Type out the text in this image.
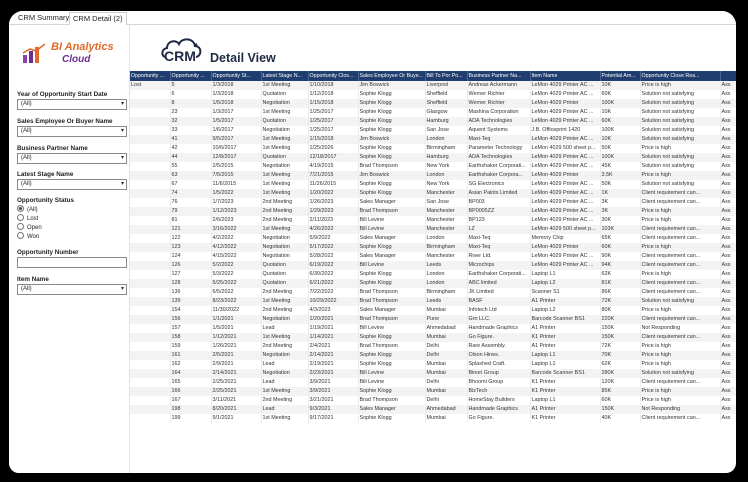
CRM Summary CRM Detail (2)
BI Analytics
Cloud
Year of Opportunity Start Date
(All)	▾
Sales Employee Or Buyer Name
(All)	▾
Business Partner Name
(All)	▾
Latest Stage Name
(All)	▾
Opportunity Status
(All)
Lost
Open
Won
Opportunity Number
Item Name
(All)	▾
CRM Detail View
Opportunity ...	Opportunity ...	Opportunity St...	Latest Stage N...	Opportunity Clos...	Sales Employee Or Buye...	Bill To Por Po...	Business Partner Na...	Item Name	Potential Am...	Opportunity Close Rea...	
Lost	5	1/3/2018	1st Meeting	1/10/2018	Jim Boswick	Liverpool	Andreas Ackermann	LeMon 4029 Printer AC ...	10K	Price is high	Ass
	6	1/3/2018	Quotation	1/12/2018	Sophie Klogg	Sheffield	Werner Richter	LeMon 4029 Printer AC ...	60K	Solution not satisfying	Ass
	8	1/5/2018	Negotiation	1/15/2018	Sophie Klogg	Sheffield	Werner Richter	LeMon 4029 Printer	100K	Solution not satisfying	Ass
	23	1/3/2017	1st Meeting	1/25/2017	Sophie Klogg	Glasgow	Mashina Corporation	LeMon 4029 Printer AC ...	10K	Solution not satisfying	Ass
	32	1/5/2017	Quotation	1/25/2017	Sophie Klogg	Hamburg	ADA Technologies	LeMon 4029 Printer AC ...	60K	Solution not satisfying	Ass
	33	1/6/2017	Negotiation	1/25/2017	Sophie Klogg	San Jose	Aquent Systems	J.B. Officeprint 1420	100K	Solution not satisfying	Ass
	41	9/5/2017	1st Meeting	1/15/2018	Jim Boswick	London	Maxi-Teq	LeMon 4029 Printer AC ...	10K	Solution not satisfying	Ass
	42	10/6/2017	1st Meeting	1/25/2026	Sophie Klogg	Birmingham	Parameter Technology	LeMon 4029 500 sheet p...	50K	Price is high	Ass
	44	12/8/2017	Quotation	12/18/2017	Sophie Klogg	Hamburg	ADA Technologies	LeMon 4029 Printer AC ...	100K	Solution not satisfying	Ass
	55	2/5/2015	Negotiation	4/19/2015	Brad Thompson	New York	Earthshaker Corporati...	LeMon 4029 Printer AC ...	45K	Solution not satisfying	Ass
	63	7/5/2015	1st Meeting	7/21/2015	Jim Boswick	London	Earthshaker Corpora...	LeMon 4029 Printer	3.5K	Price is high	Ass
	67	11/6/2015	1st Meeting	11/26/2015	Sophie Klogg	New York	SG Electronics	LeMon 4029 Printer AC ...	50K	Solution not satisfying	Ass
	74	1/5/2022	1st Meeting	1/20/2022	Sophie Klogg	Manchester	Asian Paints Limited	LeMon 4029 Printer AC ...	1K	Client requirement can...	Ass
	76	1/7/2023	2nd Meeting	1/26/2023	Sales Manager	San Jose	BP003	LeMon 4029 Printer AC ...	3K	Client requirement can...	Ass
	79	1/12/2023	2nd Meeting	1/29/2023	Brad Thompson	Manchester	BP0005ZZ	LeMon 4029 Printer AC ...	3K	Price is high	Ass
	81	2/6/2023	2nd Meeting	2/11/2023	Bill Levine	Manchester	BP123	LeMon 4029 Printer AC ...	30K	Price is high	Ass
	121	3/16/2022	1st Meeting	4/26/2022	Bill Levine	Manchester	LZ	LeMon 4029 500 sheet p...	103K	Client requirement can...	Ass
	122	4/2/2022	Negotiation	5/9/2022	Sales Manager	London	Maxi-Teq	Memory Chip	65K	Client requirement can...	Ass
	123	4/12/2022	Negotiation	5/17/2022	Sophie Klogg	Birmingham	Maxi-Teq	LeMon 4029 Printer	60K	Price is high	Ass
	124	4/15/2022	Negotiation	5/28/2022	Sales Manager	Manchester	River Ltd.	LeMon 4029 Printer AC ...	90K	Client requirement can...	Ass
	126	5/2/2022	Quotation	6/19/2022	Bill Levine	Leeds	Microchips	LeMon 4029 Printer AC ...	94K	Client requirement can...	Ass
	127	5/3/2022	Quotation	6/30/2022	Sophie Klogg	London	Earthshaker Corporati...	Laptop L1	62K	Price is high	Ass
	128	5/25/2022	Quotation	6/21/2022	Sophie Klogg	London	ABC limited	Laptop L2	81K	Client requirement can...	Ass
	136	6/5/2022	2nd Meeting	7/22/2022	Brad Thompson	Birmingham	JK Limited	Scanner S1	86K	Client requirement can...	Ass
	139	8/23/2022	1st Meeting	10/29/2022	Brad Thompson	Leeds	BASF	A1 Printer	72K	Solution not satisfying	Ass
	154	11/30/2022	2nd Meeting	4/3/2023	Sales Manager	Mumbai	Infotech Ltd	Laptop L2	80K	Price is high	Ass
	156	1/1/2021	Negotiation	1/20/2021	Brad Thompson	Pune	Grn LLC.	Barcode Scanner BS1	220K	Client requirement can...	Ass
	157	1/5/2021	Lead	1/19/2021	Bill Levine	Ahmedabad	Handmade Graphics	A1 Printer	150K	Not Responding	Ass
	158	1/12/2021	1st Meeting	1/14/2021	Sophie Klogg	Mumbai	Go Figure.	K1 Printer	150K	Client requirement can...	Ass
	159	1/26/2021	2nd Meeting	2/4/2021	Brad Thompson	Delhi	Rare Assembly.	A1 Printer	72K	Price is high	Ass
	161	2/5/2021	Negotiation	2/14/2021	Sophie Klogg	Delhi	Olson Hines.	Laptop L1	70K	Price is high	Ass
	162	2/9/2021	Lead	2/19/2021	Sophie Klogg	Mumbai	Splashed Craft.	Laptop L1	62K	Price is high	Ass
	164	2/14/2021	Negotiation	2/23/2021	Bill Levine	Mumbai	Binori Group	Barcode Scanner BS1	280K	Solution not satisfying	Ass
	165	2/25/2021	Lead	3/9/2021	Bill Levine	Delhi	Bhoomi Group	K1 Printer	120K	Client requirement can...	Ass
	166	2/25/2021	1st Meeting	3/9/2021	Sophie Klogg	Mumbai	BizTech	K1 Printer	85K	Price is high	Ass
	167	3/11/2021	2nd Meeting	3/21/2021	Brad Thompson	Delhi	HomeStay Builders	Laptop L1	60K	Price is high	Ass
	198	8/20/2021	Lead	9/3/2021	Sales Manager	Ahmedabad	Handmade Graphics	A1 Printer	150K	Not Responding	Ass
	199	9/1/2021	1st Meeting	9/17/2021	Sophie Klogg	Mumbai	Go Figure.	K1 Printer	40K	Client requirement can...	Ass
